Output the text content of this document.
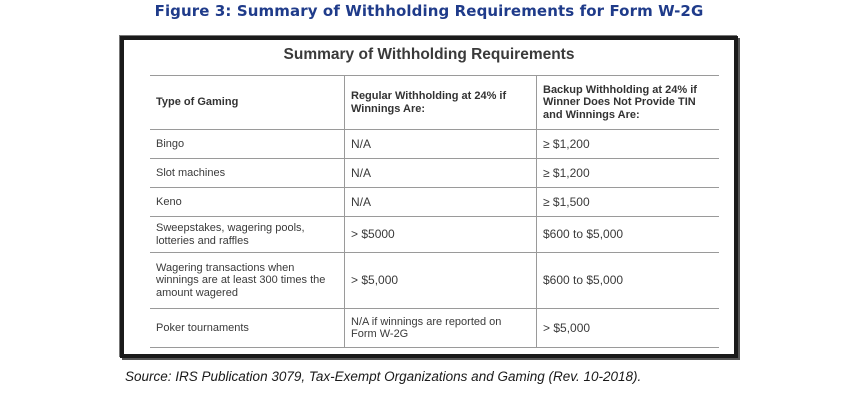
Figure 3: Summary of Withholding Requirements for Form W-2G
Summary of Withholding Requirements
Type of Gaming	Regular Withholding at 24% if Winnings Are:	Backup Withholding at 24% if Winner Does Not Provide TIN and Winnings Are:
Bingo	N/A	≥ $1,200
Slot machines	N/A	≥ $1,200
Keno	N/A	≥ $1,500
Sweepstakes, wagering pools, lotteries and raffles	> $5000	$600 to $5,000
Wagering transactions when winnings are at least 300 times the amount wagered	> $5,000	$600 to $5,000
Poker tournaments	N/A if winnings are reported on Form W-2G	> $5,000
Source: IRS Publication 3079, Tax-Exempt Organizations and Gaming (Rev. 10-2018).
